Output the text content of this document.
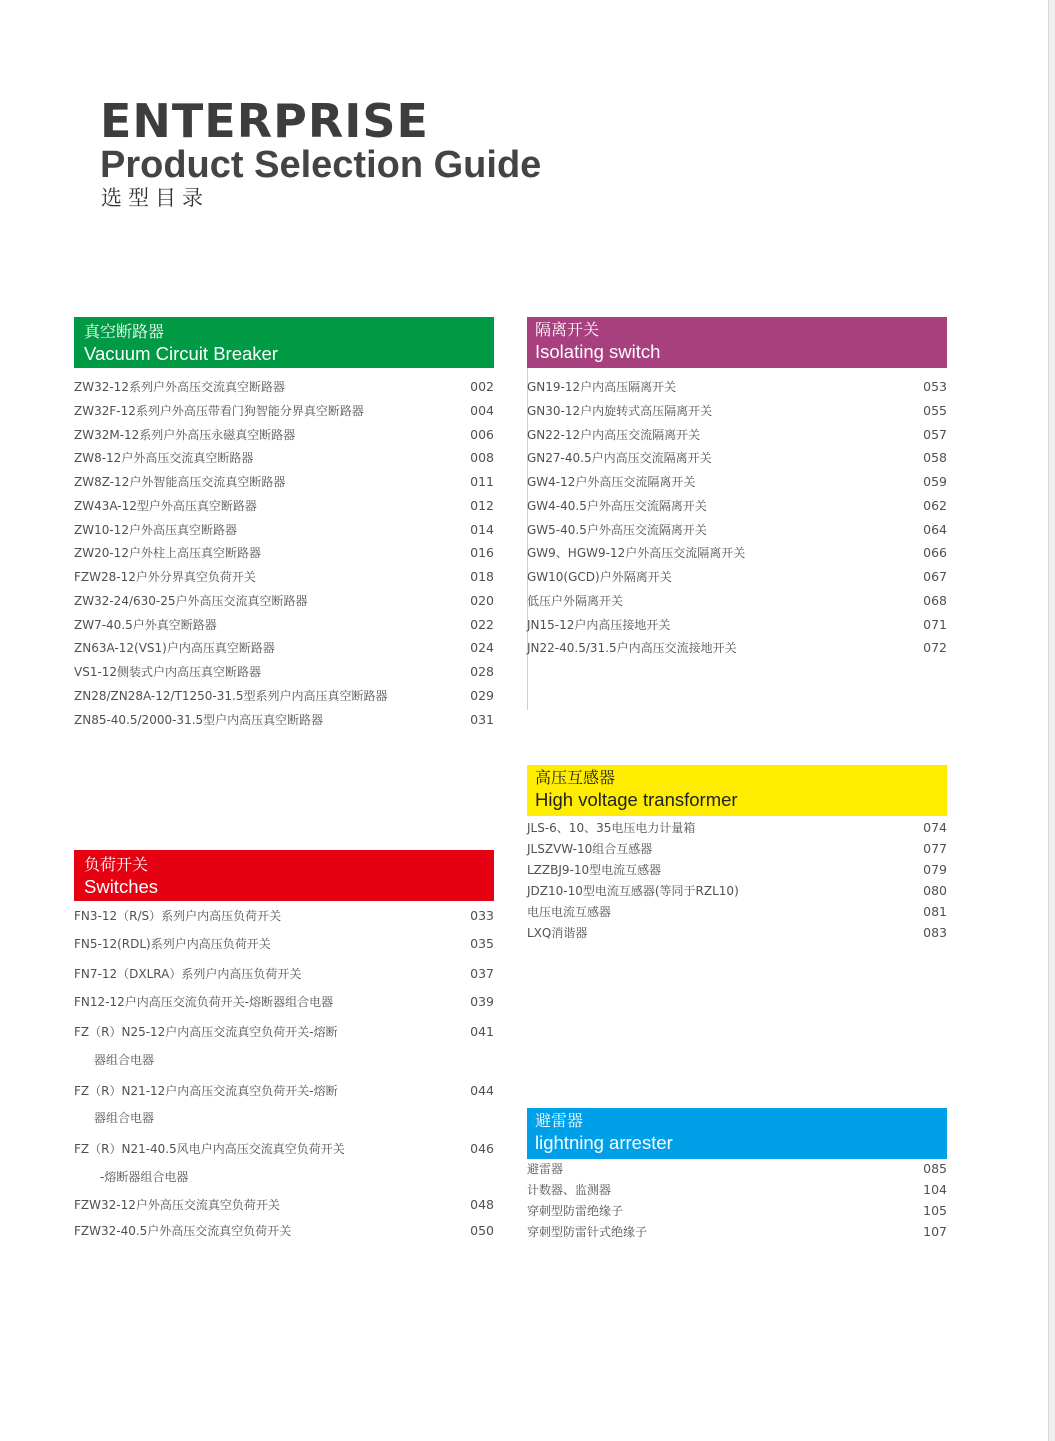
ENTERPRISE
Product Selection Guide
选型目录
真空断路器
Vacuum Circuit Breaker
ZW32-12系列户外高压交流真空断路器	002
ZW32F-12系列户外高压带看门狗智能分界真空断路器	004
ZW32M-12系列户外高压永磁真空断路器	006
ZW8-12户外高压交流真空断路器	008
ZW8Z-12户外智能高压交流真空断路器	011
ZW43A-12型户外高压真空断路器	012
ZW10-12户外高压真空断路器	014
ZW20-12户外柱上高压真空断路器	016
FZW28-12户外分界真空负荷开关	018
ZW32-24/630-25户外高压交流真空断路器	020
ZW7-40.5户外真空断路器	022
ZN63A-12(VS1)户内高压真空断路器	024
VS1-12侧装式户内高压真空断路器	028
ZN28/ZN28A-12/T1250-31.5型系列户内高压真空断路器	029
ZN85-40.5/2000-31.5型户内高压真空断路器	031
隔离开关
Isolating switch
GN19-12户内高压隔离开关	053
GN30-12户内旋转式高压隔离开关	055
GN22-12户内高压交流隔离开关	057
GN27-40.5户内高压交流隔离开关	058
GW4-12户外高压交流隔离开关	059
GW4-40.5户外高压交流隔离开关	062
GW5-40.5户外高压交流隔离开关	064
GW9、HGW9-12户外高压交流隔离开关	066
GW10(GCD)户外隔离开关	067
低压户外隔离开关	068
JN15-12户内高压接地开关	071
JN22-40.5/31.5户内高压交流接地开关	072
高压互感器
High voltage transformer
JLS-6、10、35电压电力计量箱	074
JLSZVW-10组合互感器	077
LZZBJ9-10型电流互感器	079
JDZ10-10型电流互感器(等同于RZL10)	080
电压电流互感器	081
LXQ消谐器	083
负荷开关
Switches
FN3-12（R/S）系列户内高压负荷开关	033
FN5-12(RDL)系列户内高压负荷开关	035
FN7-12（DXLRA）系列户内高压负荷开关	037
FN12-12户内高压交流负荷开关-熔断器组合电器	039
FZ（R）N25-12户内高压交流真空负荷开关-熔断	041
器组合电器
FZ（R）N21-12户内高压交流真空负荷开关-熔断	044
器组合电器
FZ（R）N21-40.5风电户内高压交流真空负荷开关	046
-熔断器组合电器
FZW32-12户外高压交流真空负荷开关	048
FZW32-40.5户外高压交流真空负荷开关	050
避雷器
lightning arrester
避雷器	085
计数器、监测器	104
穿刺型防雷绝缘子	105
穿刺型防雷针式绝缘子	107
